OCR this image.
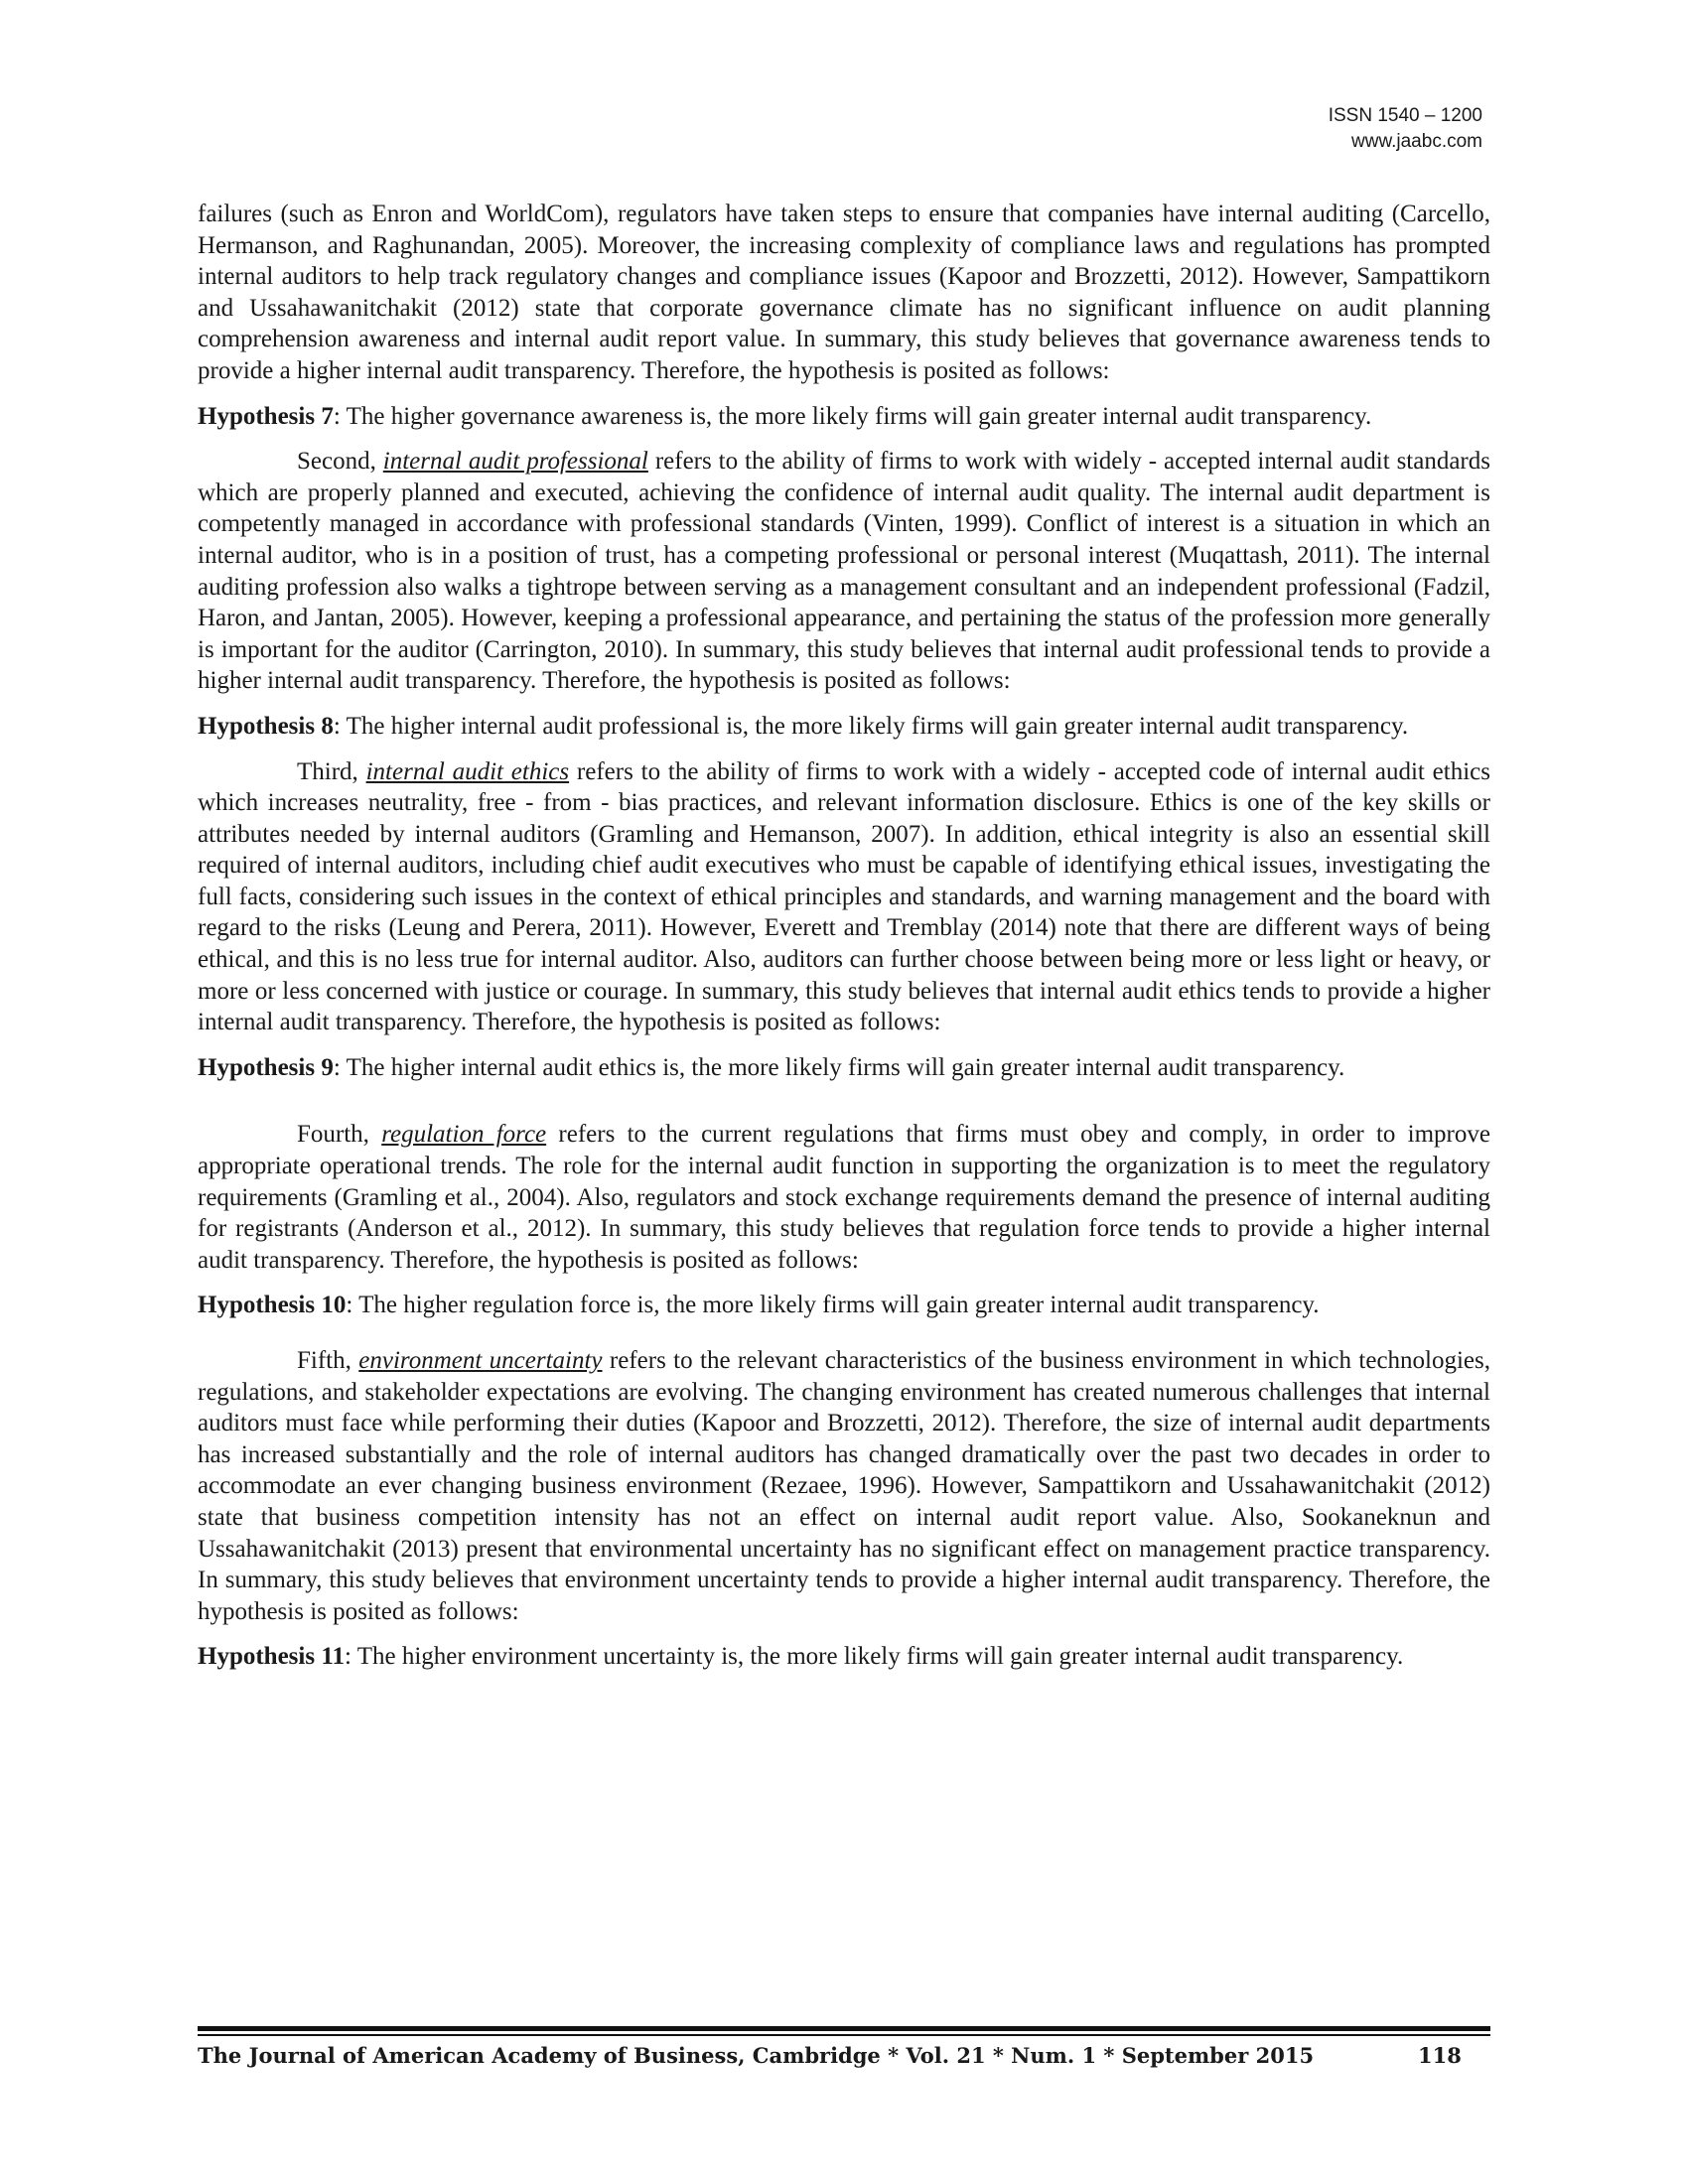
ISSN 1540 – 1200
www.jaabc.com

failures (such as Enron and WorldCom), regulators have taken steps to ensure that companies have internal auditing (Carcello, Hermanson, and Raghunandan, 2005). Moreover, the increasing complexity of compliance laws and regulations has prompted internal auditors to help track regulatory changes and compliance issues (Kapoor and Brozzetti, 2012). However, Sampattikorn and Ussahawanitchakit (2012) state that corporate governance climate has no significant influence on audit planning comprehension awareness and internal audit report value. In summary, this study believes that governance awareness tends to provide a higher internal audit transparency. Therefore, the hypothesis is posited as follows:

Hypothesis 7: The higher governance awareness is, the more likely firms will gain greater internal audit transparency.

Second, internal audit professional refers to the ability of firms to work with widely - accepted internal audit standards which are properly planned and executed, achieving the confidence of internal audit quality. The internal audit department is competently managed in accordance with professional standards (Vinten, 1999). Conflict of interest is a situation in which an internal auditor, who is in a position of trust, has a competing professional or personal interest (Muqattash, 2011). The internal auditing profession also walks a tightrope between serving as a management consultant and an independent professional (Fadzil, Haron, and Jantan, 2005). However, keeping a professional appearance, and pertaining the status of the profession more generally is important for the auditor (Carrington, 2010). In summary, this study believes that internal audit professional tends to provide a higher internal audit transparency. Therefore, the hypothesis is posited as follows:

Hypothesis 8: The higher internal audit professional is, the more likely firms will gain greater internal audit transparency.

Third, internal audit ethics refers to the ability of firms to work with a widely - accepted code of internal audit ethics which increases neutrality, free - from - bias practices, and relevant information disclosure. Ethics is one of the key skills or attributes needed by internal auditors (Gramling and Hemanson, 2007). In addition, ethical integrity is also an essential skill required of internal auditors, including chief audit executives who must be capable of identifying ethical issues, investigating the full facts, considering such issues in the context of ethical principles and standards, and warning management and the board with regard to the risks (Leung and Perera, 2011). However, Everett and Tremblay (2014) note that there are different ways of being ethical, and this is no less true for internal auditor. Also, auditors can further choose between being more or less light or heavy, or more or less concerned with justice or courage. In summary, this study believes that internal audit ethics tends to provide a higher internal audit transparency. Therefore, the hypothesis is posited as follows:

Hypothesis 9: The higher internal audit ethics is, the more likely firms will gain greater internal audit transparency.

Fourth, regulation force refers to the current regulations that firms must obey and comply, in order to improve appropriate operational trends. The role for the internal audit function in supporting the organization is to meet the regulatory requirements (Gramling et al., 2004). Also, regulators and stock exchange requirements demand the presence of internal auditing for registrants (Anderson et al., 2012). In summary, this study believes that regulation force tends to provide a higher internal audit transparency. Therefore, the hypothesis is posited as follows:

Hypothesis 10: The higher regulation force is, the more likely firms will gain greater internal audit transparency.

Fifth, environment uncertainty refers to the relevant characteristics of the business environment in which technologies, regulations, and stakeholder expectations are evolving. The changing environment has created numerous challenges that internal auditors must face while performing their duties (Kapoor and Brozzetti, 2012). Therefore, the size of internal audit departments has increased substantially and the role of internal auditors has changed dramatically over the past two decades in order to accommodate an ever changing business environment (Rezaee, 1996). However, Sampattikorn and Ussahawanitchakit (2012) state that business competition intensity has not an effect on internal audit report value. Also, Sookaneknun and Ussahawanitchakit (2013) present that environmental uncertainty has no significant effect on management practice transparency. In summary, this study believes that environment uncertainty tends to provide a higher internal audit transparency. Therefore, the hypothesis is posited as follows:

Hypothesis 11: The higher environment uncertainty is, the more likely firms will gain greater internal audit transparency.

The Journal of American Academy of Business, Cambridge * Vol. 21 * Num. 1 * September 2015	118
